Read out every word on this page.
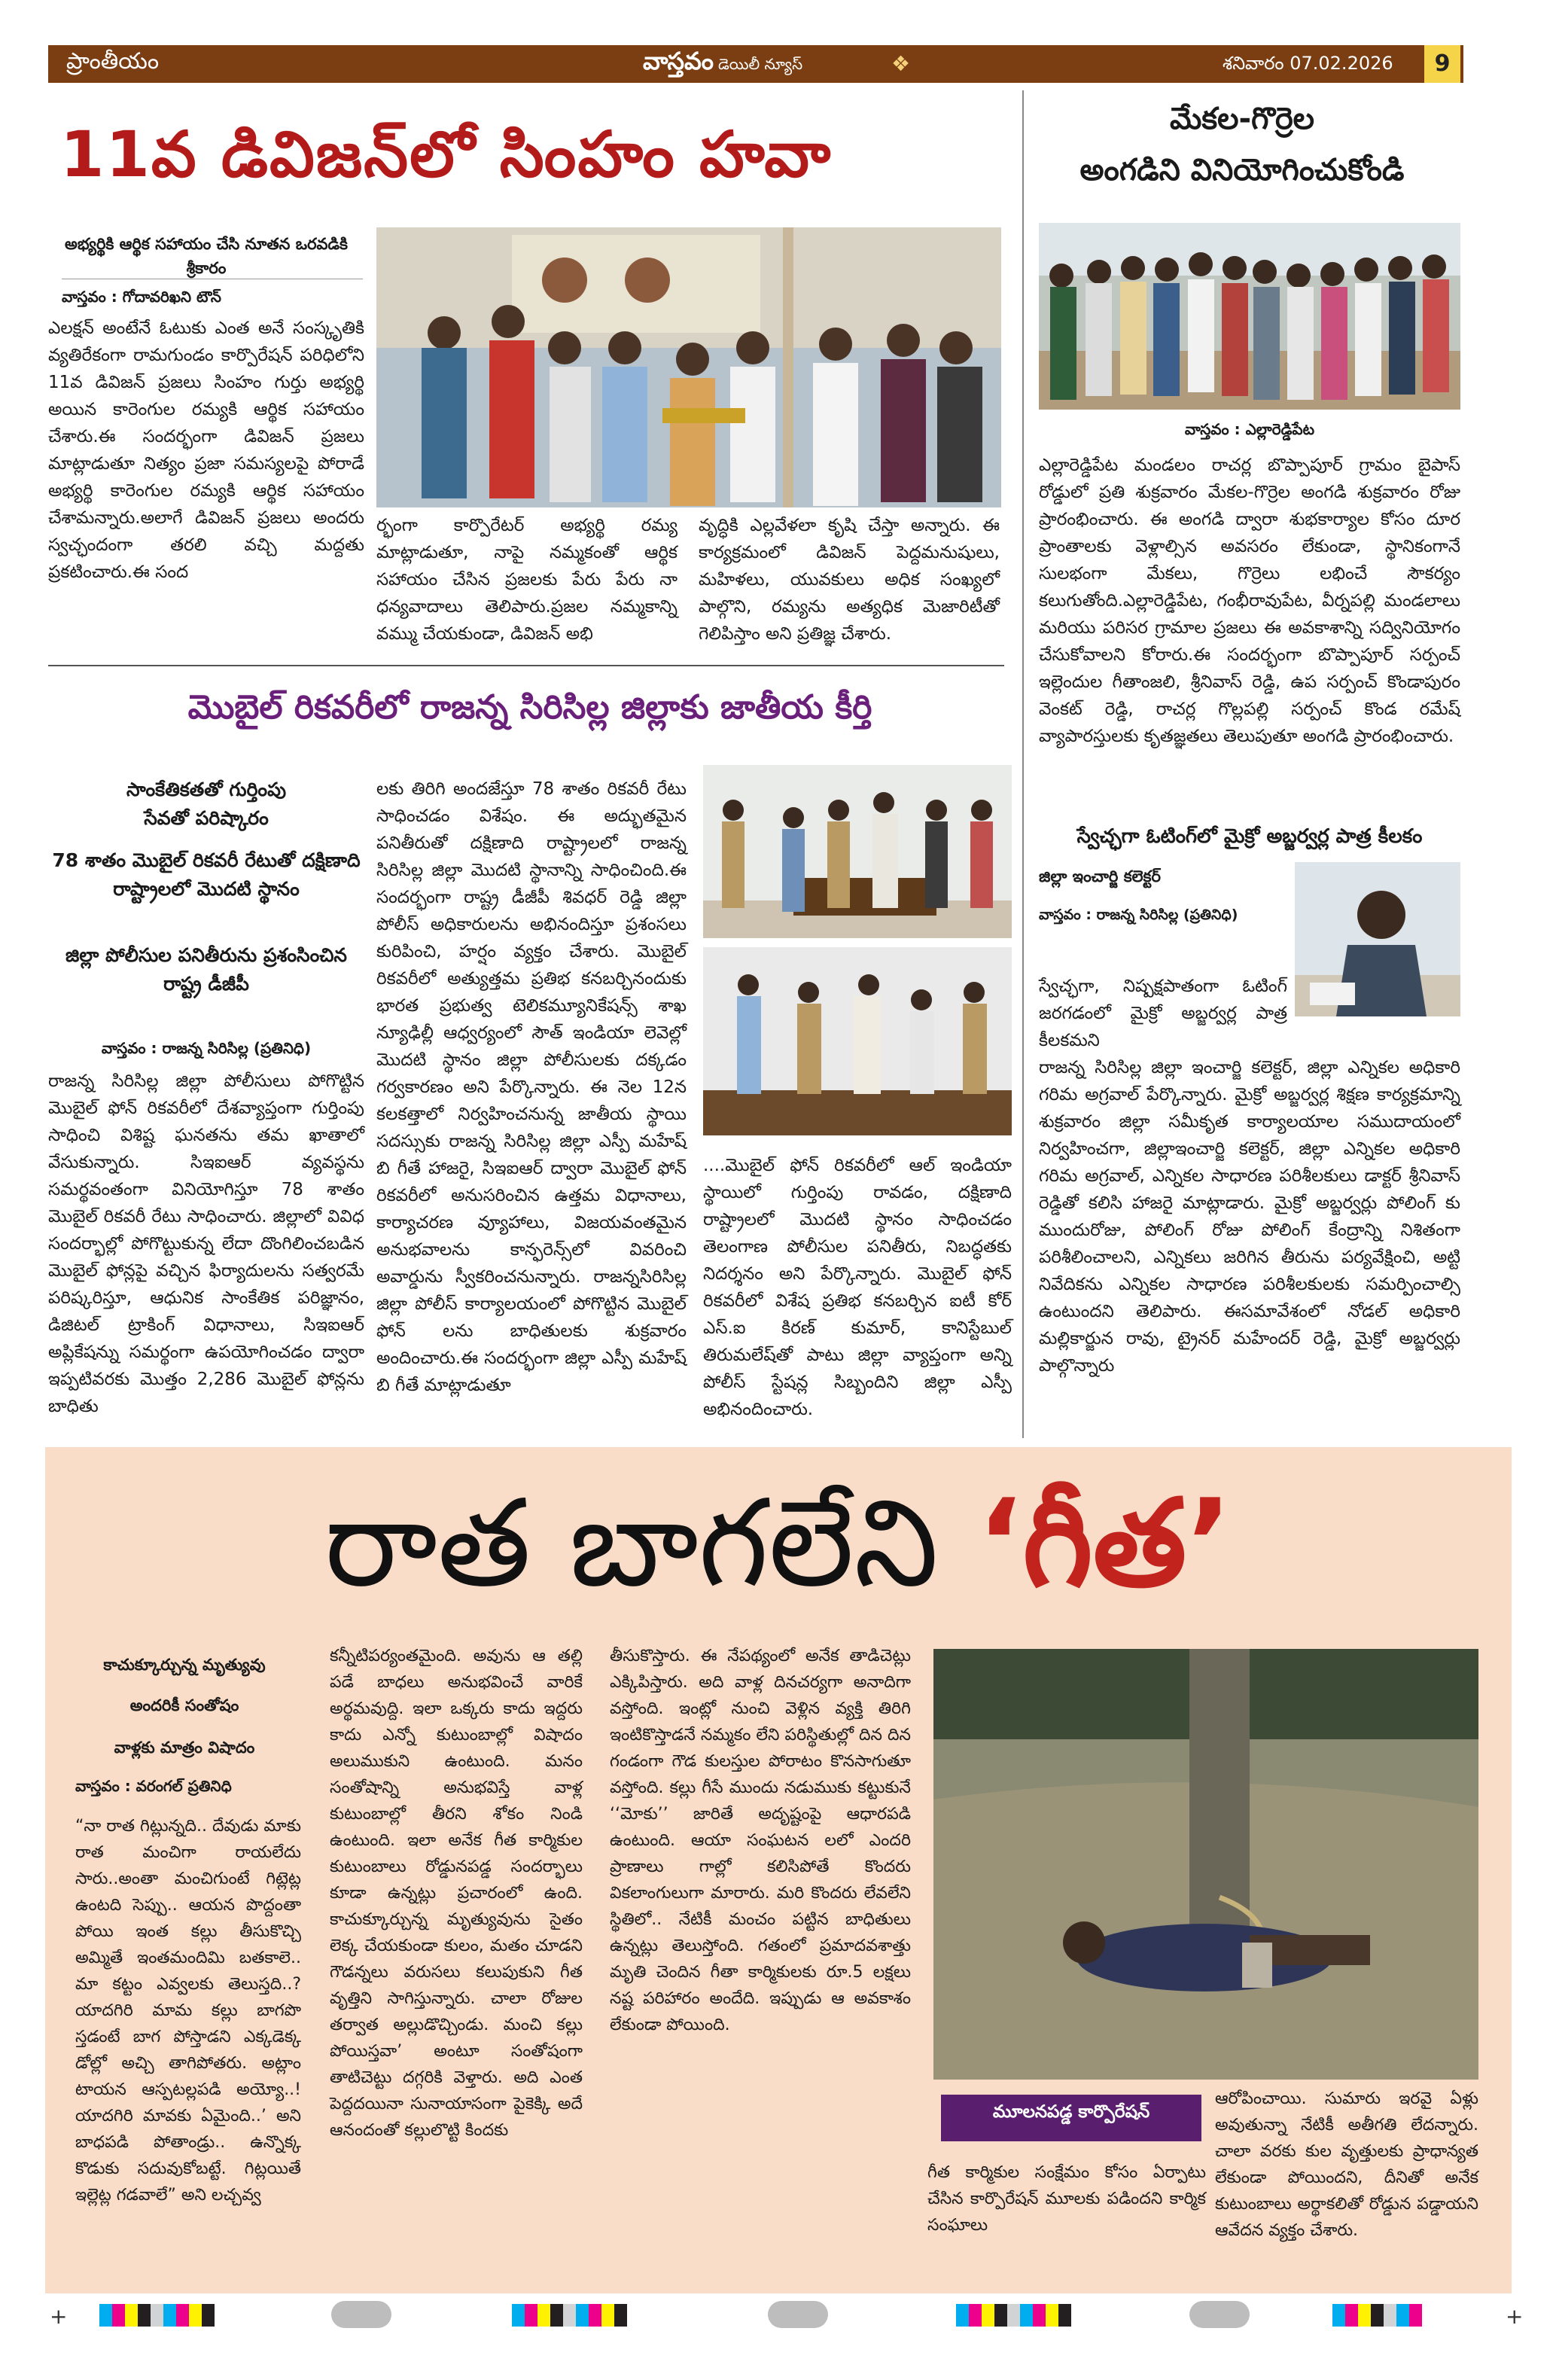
ప్రాంతీయం	వాస్తవం డెయిలీ న్యూస్	❖	శనివారం 07.02.2026	9
11వ డివిజన్‌లో సింహం హవా
అభ్యర్థికి ఆర్థిక సహాయం చేసి నూతన ఒరవడికి శ్రీకారం
వాస్తవం : గోదావరిఖని టౌన్
ఎలక్షన్ అంటేనే ఓటుకు ఎంత అనే సంస్కృతికి వ్యతిరేకంగా రామగుండం కార్పొరేషన్ పరిధిలోని 11వ డివిజన్ ప్రజలు సింహం గుర్తు అభ్యర్థి అయిన కారెంగుల రమ్యకి ఆర్థిక సహాయం చేశారు.ఈ సందర్భంగా డివిజన్ ప్రజలు మాట్లాడుతూ నిత్యం ప్రజా సమస్యలపై పోరాడే అభ్యర్థి కారెంగుల రమ్యకి ఆర్థిక సహాయం చేశామన్నారు.అలాగే డివిజన్ ప్రజలు అందరు స్వచ్ఛందంగా తరలి వచ్చి మద్దతు ప్రకటించారు.ఈ సంద
ర్భంగా కార్పొరేటర్ అభ్యర్థి రమ్య మాట్లాడుతూ, నాపై నమ్మకంతో ఆర్థిక సహాయం చేసిన ప్రజలకు పేరు పేరు నా ధన్యవాదాలు తెలిపారు.ప్రజల నమ్మకాన్ని వమ్ము చేయకుండా, డివిజన్ అభి
వృద్ధికి ఎల్లవేళలా కృషి చేస్తా అన్నారు. ఈ కార్యక్రమంలో డివిజన్ పెద్దమనుషులు, మహిళలు, యువకులు అధిక సంఖ్యలో పాల్గొని, రమ్యను అత్యధిక మెజారిటీతో గెలిపిస్తాం అని ప్రతిజ్ఞ చేశారు.
మేకల-గొర్రెల
అంగడిని వినియోగించుకోండి
వాస్తవం : ఎల్లారెడ్డిపేట
ఎల్లారెడ్డిపేట మండలం రాచర్ల బొప్పాపూర్ గ్రామం బైపాస్ రోడ్డులో ప్రతి శుక్రవారం మేకల-గొర్రెల అంగడి శుక్రవారం రోజు ప్రారంభించారు. ఈ అంగడి ద్వారా శుభకార్యాల కోసం దూర ప్రాంతాలకు వెళ్లాల్సిన అవసరం లేకుండా, స్థానికంగానే సులభంగా మేకలు, గొర్రెలు లభించే సౌకర్యం కలుగుతోంది.ఎల్లారెడ్డిపేట, గంభీరావుపేట, వీర్నపల్లి మండలాలు మరియు పరిసర గ్రామాల ప్రజలు ఈ అవకాశాన్ని సద్వినియోగం చేసుకోవాలని కోరారు.ఈ సందర్భంగా బొప్పాపూర్ సర్పంచ్ ఇల్లెందుల గీతాంజలి, శ్రీనివాస్ రెడ్డి, ఉప సర్పంచ్ కొండాపురం వెంకట్ రెడ్డి, రాచర్ల గొల్లపల్లి సర్పంచ్ కొండ రమేష్ వ్యాపారస్తులకు కృతజ్ఞతలు తెలుపుతూ అంగడి ప్రారంభించారు.
మొబైల్ రికవరీలో రాజన్న సిరిసిల్ల జిల్లాకు జాతీయ కీర్తి
సాంకేతికతతో గుర్తింపు
సేవతో పరిష్కారం
78 శాతం మొబైల్ రికవరీ రేటుతో దక్షిణాది రాష్ట్రాలలో మొదటి స్థానం
జిల్లా పోలీసుల పనితీరును ప్రశంసించిన రాష్ట్ర డీజీపీ
వాస్తవం : రాజన్న సిరిసిల్ల (ప్రతినిధి)
రాజన్న సిరిసిల్ల జిల్లా పోలీసులు పోగొట్టిన మొబైల్ ఫోన్ రికవరీలో దేశవ్యాప్తంగా గుర్తింపు సాధించి విశిష్ట ఘనతను తమ ఖాతాలో వేసుకున్నారు. సిఇఐఆర్ వ్యవస్థను సమర్థవంతంగా వినియోగిస్తూ 78 శాతం మొబైల్ రికవరీ రేటు సాధించారు. జిల్లాలో వివిధ సందర్భాల్లో పోగొట్టుకున్న లేదా దొంగిలించబడిన మొబైల్ ఫోన్లపై వచ్చిన ఫిర్యాదులను సత్వరమే పరిష్కరిస్తూ, ఆధునిక సాంకేతిక పరిజ్ఞానం, డిజిటల్ ట్రాకింగ్ విధానాలు, సిఇఐఆర్ అప్లికేషన్ను సమర్థంగా ఉపయోగించడం ద్వారా ఇప్పటివరకు మొత్తం 2,286 మొబైల్ ఫోన్లను బాధితు
లకు తిరిగి అందజేస్తూ 78 శాతం రికవరీ రేటు సాధించడం విశేషం. ఈ అద్భుతమైన పనితీరుతో దక్షిణాది రాష్ట్రాలలో రాజన్న సిరిసిల్ల జిల్లా మొదటి స్థానాన్ని సాధించింది.ఈ సందర్భంగా రాష్ట్ర డీజీపీ శివధర్ రెడ్డి జిల్లా పోలీస్ అధికారులను అభినందిస్తూ ప్రశంసలు కురిపించి, హర్షం వ్యక్తం చేశారు. మొబైల్ రికవరీలో అత్యుత్తమ ప్రతిభ కనబర్చినందుకు భారత ప్రభుత్వ టెలికమ్యూనికేషన్స్ శాఖ న్యూఢిల్లీ ఆధ్వర్యంలో సౌత్ ఇండియా లెవెల్లో మొదటి స్థానం జిల్లా పోలీసులకు దక్కడం గర్వకారణం అని పేర్కొన్నారు. ఈ నెల 12న కలకత్తాలో నిర్వహించనున్న జాతీయ స్థాయి సదస్సుకు రాజన్న సిరిసిల్ల జిల్లా ఎస్పీ మహేష్ బి గీతే హాజరై, సిఇఐఆర్ ద్వారా మొబైల్ ఫోన్ రికవరీలో అనుసరించిన ఉత్తమ విధానాలు, కార్యాచరణ వ్యూహాలు, విజయవంతమైన అనుభవాలను కాన్ఫరెన్స్‌లో వివరించి అవార్డును స్వీకరించనున్నారు. రాజన్నసిరిసిల్ల జిల్లా పోలీస్ కార్యాలయంలో పోగొట్టిన మొబైల్ ఫోన్ లను బాధితులకు శుక్రవారం అందించారు.ఈ సందర్భంగా జిల్లా ఎస్పీ మహేష్ బి గీతే మాట్లాడుతూ
....మొబైల్ ఫోన్ రికవరీలో ఆల్ ఇండియా స్థాయిలో గుర్తింపు రావడం, దక్షిణాది రాష్ట్రాలలో మొదటి స్థానం సాధించడం తెలంగాణ పోలీసుల పనితీరు, నిబద్ధతకు నిదర్శనం అని పేర్కొన్నారు. మొబైల్ ఫోన్ రికవరీలో విశేష ప్రతిభ కనబర్చిన ఐటీ కోర్ ఎస్.ఐ కిరణ్ కుమార్, కానిస్టేబుల్ తిరుమలేష్‌తో పాటు జిల్లా వ్యాప్తంగా అన్ని పోలీస్ స్టేషన్ల సిబ్బందిని జిల్లా ఎస్పీ అభినందించారు.
స్వేచ్ఛగా ఓటింగ్‌లో మైక్రో అబ్జర్వర్ల పాత్ర కీలకం
జిల్లా ఇంచార్జి కలెక్టర్
వాస్తవం : రాజన్న సిరిసిల్ల (ప్రతినిధి)
స్వేచ్ఛగా, నిష్పక్షపాతంగా ఓటింగ్ జరగడంలో మైక్రో అబ్జర్వర్ల పాత్ర కీలకమని
రాజన్న సిరిసిల్ల జిల్లా ఇంచార్జి కలెక్టర్, జిల్లా ఎన్నికల అధికారి గరిమ అగ్రవాల్ పేర్కొన్నారు. మైక్రో అబ్జర్వర్ల శిక్షణ కార్యక్రమాన్ని శుక్రవారం జిల్లా సమీకృత కార్యాలయాల సముదాయంలో నిర్వహించగా, జిల్లాఇంచార్జి కలెక్టర్, జిల్లా ఎన్నికల అధికారి గరిమ అగ్రవాల్, ఎన్నికల సాధారణ పరిశీలకులు డాక్టర్ శ్రీనివాస్ రెడ్డితో కలిసి హాజరై మాట్లాడారు. మైక్రో అబ్జర్వర్లు పోలింగ్ కు ముందురోజు, పోలింగ్ రోజు పోలింగ్ కేంద్రాన్ని నిశితంగా పరిశీలించాలని, ఎన్నికలు జరిగిన తీరును పర్యవేక్షించి, అట్టి నివేదికను ఎన్నికల సాధారణ పరిశీలకులకు సమర్పించాల్సి ఉంటుందని తెలిపారు. ఈసమావేశంలో నోడల్ అధికారి మల్లికార్జున రావు, ట్రైనర్ మహేందర్ రెడ్డి, మైక్రో అబ్జర్వర్లు పాల్గొన్నారు
రాత బాగలేని ‘గీత’
కాచుక్కూర్చున్న మృత్యువు
అందరికీ సంతోషం
వాళ్లకు మాత్రం విషాదం
వాస్తవం : వరంగల్ ప్రతినిధి
“నా రాత గిట్లున్నది.. దేవుడు మాకు రాత మంచిగా రాయలేదు సారు..అంతా మంచిగుంటే గిట్లెట్ల ఉంటది సెప్పు.. ఆయన పొద్దంతా పోయి ఇంత కల్లు తీసుకొచ్చి అమ్మితే ఇంతమందిమి బతకాలె.. మా కట్టం ఎవ్వలకు తెలుస్తది..? యాదగిరి మామ కల్లు బాగపొ స్తడంటే బాగ పోస్తాడని ఎక్కడెక్క డోల్లో అచ్చి తాగిపోతరు. అట్లాం టాయన ఆస్పటల్లపడి అయ్యో..! యాదగిరి మావకు ఏమైంది..’ అని బాధపడి పోతాండ్రు.. ఉన్నొక్క కొడుకు సదువుకోబట్టే. గిట్లయితే ఇల్లెట్ల గడవాలే” అని లచ్చవ్వ
కన్నీటిపర్యంతమైంది. అవును ఆ తల్లి పడే బాధలు అనుభవించే వారికే అర్థమవుద్ది. ఇలా ఒక్కరు కాదు ఇద్దరు కాదు ఎన్నో కుటుంబాల్లో విషాదం అలుముకుని ఉంటుంది. మనం సంతోషాన్ని అనుభవిస్తే వాళ్ల కుటుంబాల్లో తీరని శోకం నిండి ఉంటుంది. ఇలా అనేక గీత కార్మికుల కుటుంబాలు రోడ్డునపడ్డ సందర్భాలు కూడా ఉన్నట్లు ప్రచారంలో ఉంది. కాచుక్కూర్చున్న మృత్యువును సైతం లెక్క చేయకుండా కులం, మతం చూడని గౌడన్నలు వరుసలు కలుపుకుని గీత వృత్తిని సాగిస్తున్నారు. చాలా రోజుల తర్వాత అల్లుడొచ్చిండు. మంచి కల్లు పోయిస్తవా’ అంటూ సంతోషంగా తాటిచెట్టు దగ్గరికి వెళ్తారు. అది ఎంత పెద్దదయినా సునాయాసంగా పైకెక్కి అదే ఆనందంతో కల్లులొట్టి కిందకు
తీసుకొస్తారు. ఈ నేపథ్యంలో అనేక తాడిచెట్లు ఎక్కిపిస్తారు. అది వాళ్ల దినచర్యగా అనాదిగా వస్తోంది. ఇంట్లో నుంచి వెళ్లిన వ్యక్తి తిరిగి ఇంటికొస్తాడనే నమ్మకం లేని పరిస్థితుల్లో దిన దిన గండంగా గౌడ కులస్తుల పోరాటం కొనసాగుతూ వస్తోంది. కల్లు గీసే ముందు నడుముకు కట్టుకునే ‘‘మోకు’’ జారితే అదృష్టంపై ఆధారపడి ఉంటుంది. ఆయా సంఘటన లలో ఎందరి ప్రాణాలు గాల్లో కలిసిపోతే కొందరు వికలాంగులుగా మారారు. మరి కొందరు లేవలేని స్థితిలో.. నేటికీ మంచం పట్టిన బాధితులు ఉన్నట్లు తెలుస్తోంది. గతంలో ప్రమాదవశాత్తు మృతి చెందిన గీతా కార్మికులకు రూ.5 లక్షలు నష్ట పరిహారం అందేది. ఇప్పుడు ఆ అవకాశం లేకుండా పోయింది.
మూలనపడ్డ కార్పొరేషన్
గీత కార్మికుల సంక్షేమం కోసం ఏర్పాటు చేసిన కార్పొరేషన్ మూలకు పడిందని కార్మిక సంఘాలు
ఆరోపించాయి. సుమారు ఇరవై ఏళ్లు అవుతున్నా నేటికీ అతీగతి లేదన్నారు. చాలా వరకు కుల వృత్తులకు ప్రాధాన్యత లేకుండా పోయిందని, దీనితో అనేక కుటుంబాలు అర్థాకలితో రోడ్డున పడ్డాయని ఆవేదన వ్యక్తం చేశారు.
+	+
